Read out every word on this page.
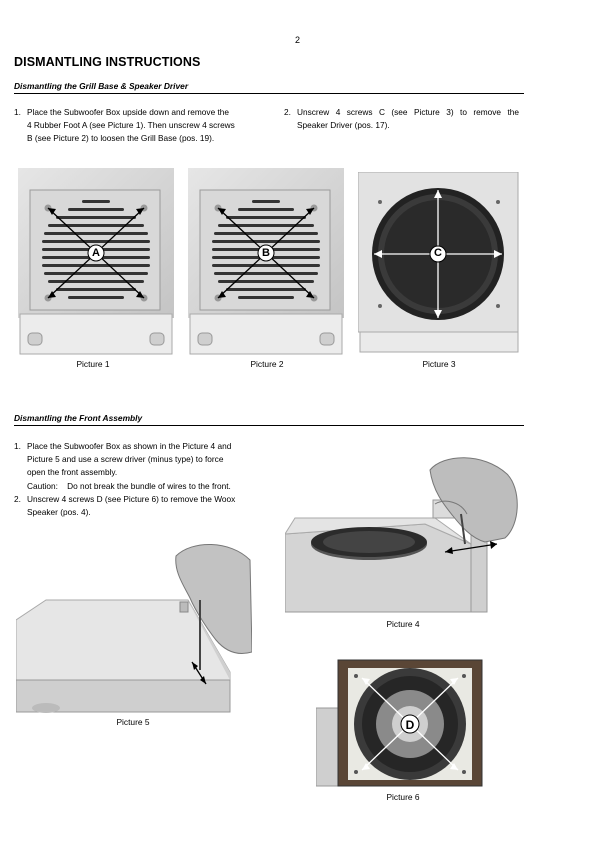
2
DISMANTLING INSTRUCTIONS
Dismantling the Grill Base & Speaker Driver
1. Place the Subwoofer Box upside down and remove the
4 Rubber Foot A (see Picture 1). Then unscrew 4 screws
B (see Picture 2) to loosen the Grill Base (pos. 19).
2. Unscrew 4 screws C (see Picture 3) to remove the
Speaker Driver (pos. 17).
A	B	C
Picture 1	Picture 2	Picture 3
Dismantling the Front Assembly
1. Place the Subwoofer Box as shown in the Picture 4 and
Picture 5 and use a screw driver (minus type) to force
open the front assembly.
Caution:    Do not break the bundle of wires to the front.
2. Unscrew 4 screws D (see Picture 6) to remove the Woox
Speaker (pos. 4).
Picture 4
Picture 5	D
Picture 6
